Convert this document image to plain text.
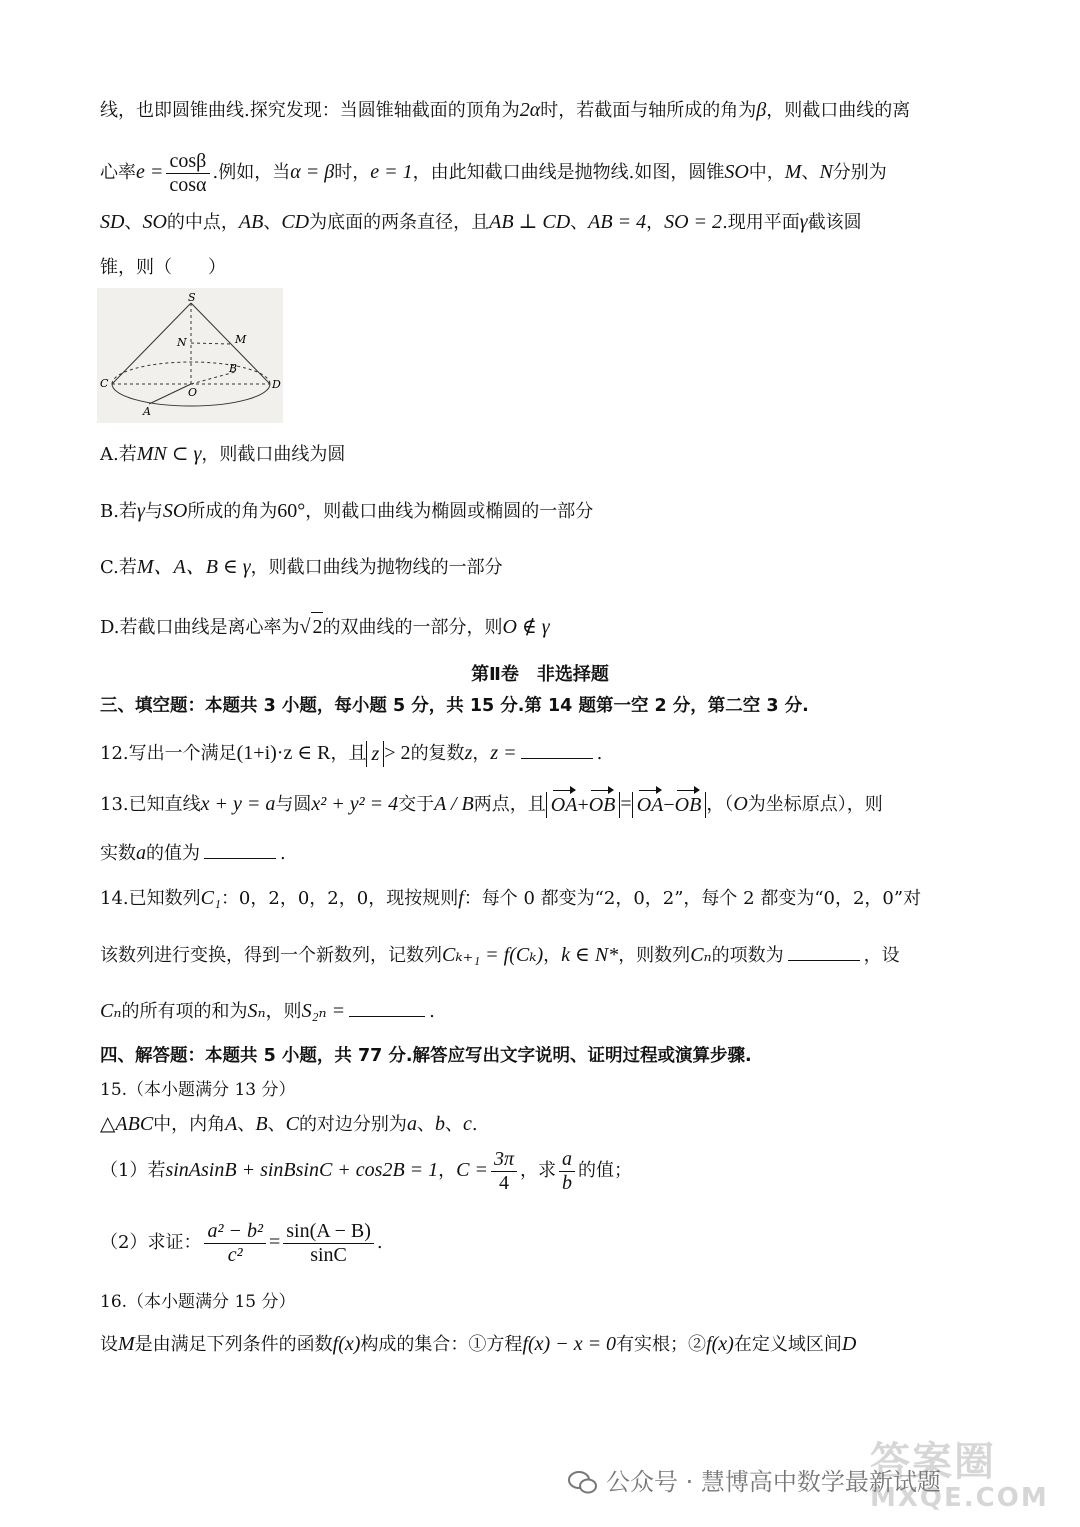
线，也即圆锥曲线.探究发现：当圆锥轴截面的顶角为2α时，若截面与轴所成的角为β，则截口曲线的离
心率$e = \frac{\cos\beta}{\cos\alpha}$ .例如，当α = β时，e = 1，由此知截口曲线是抛物线.如图，圆锥SO中，M、N分别为
SD、SO的中点，AB、CD为底面的两条直径，且AB ⊥ CD、AB = 4，SO = 2.现用平面γ截该圆
锥，则（　　）
S
N	M
B
C
O
D
A
A.若MN ⊂ γ，则截口曲线为圆
B.若γ与SO所成的角为60°，则截口曲线为椭圆或椭圆的一部分
C.若M、A、B ∈ γ，则截口曲线为抛物线的一部分
D.若截口曲线是离心率为√ 2的双曲线的一部分，则O ∉ γ
第Ⅱ卷　非选择题
三、填空题：本题共 3 小题，每小题 5 分，共 15 分.第 14 题第一空 2 分，第二空 3 分.
12.写出一个满足(1+i)·z ∈ R，且 z > 2的复数z，z =	.
13.已知直线x + y = a与圆x² + y² = 4交于A / B两点，且 OA+OB = OA−OB ，（O为坐标原点），则
实数a的值为	.
14.已知数列C₁：0，2，0，2，0，现按规则f：每个 0 都变为“2，0，2”，每个 2 都变为“0，2，0”对
该数列进行变换，得到一个新数列，记数列Cₖ₊₁ = f(Cₖ)，k ∈ N*，则数列Cₙ的项数为	，设
Cₙ的所有项的和为Sₙ，则S₂ₙ =	.
四、解答题：本题共 5 小题，共 77 分.解答应写出文字说明、证明过程或演算步骤.
15.（本小题满分 13 分）
△ABC中，内角A、B、C的对边分别为a、b、c.
（1）若sinAsinB + sinBsinC + cos2B = 1，$C = \frac{3\pi}{4}$ ，求 $\frac{a}{b}$ 的值；
（2）求证： $\frac{\text{a² − b²}}{\text{c²}} = \frac{\sin(A - B)}{\sin C}$ .
16.（本小题满分 15 分）
设M是由满足下列条件的函数f(x)构成的集合：①方程f(x) − x = 0有实根；②f(x)在定义域区间D
答案圈
MXQE.COM
公众号 · 慧博高中数学最新试题
